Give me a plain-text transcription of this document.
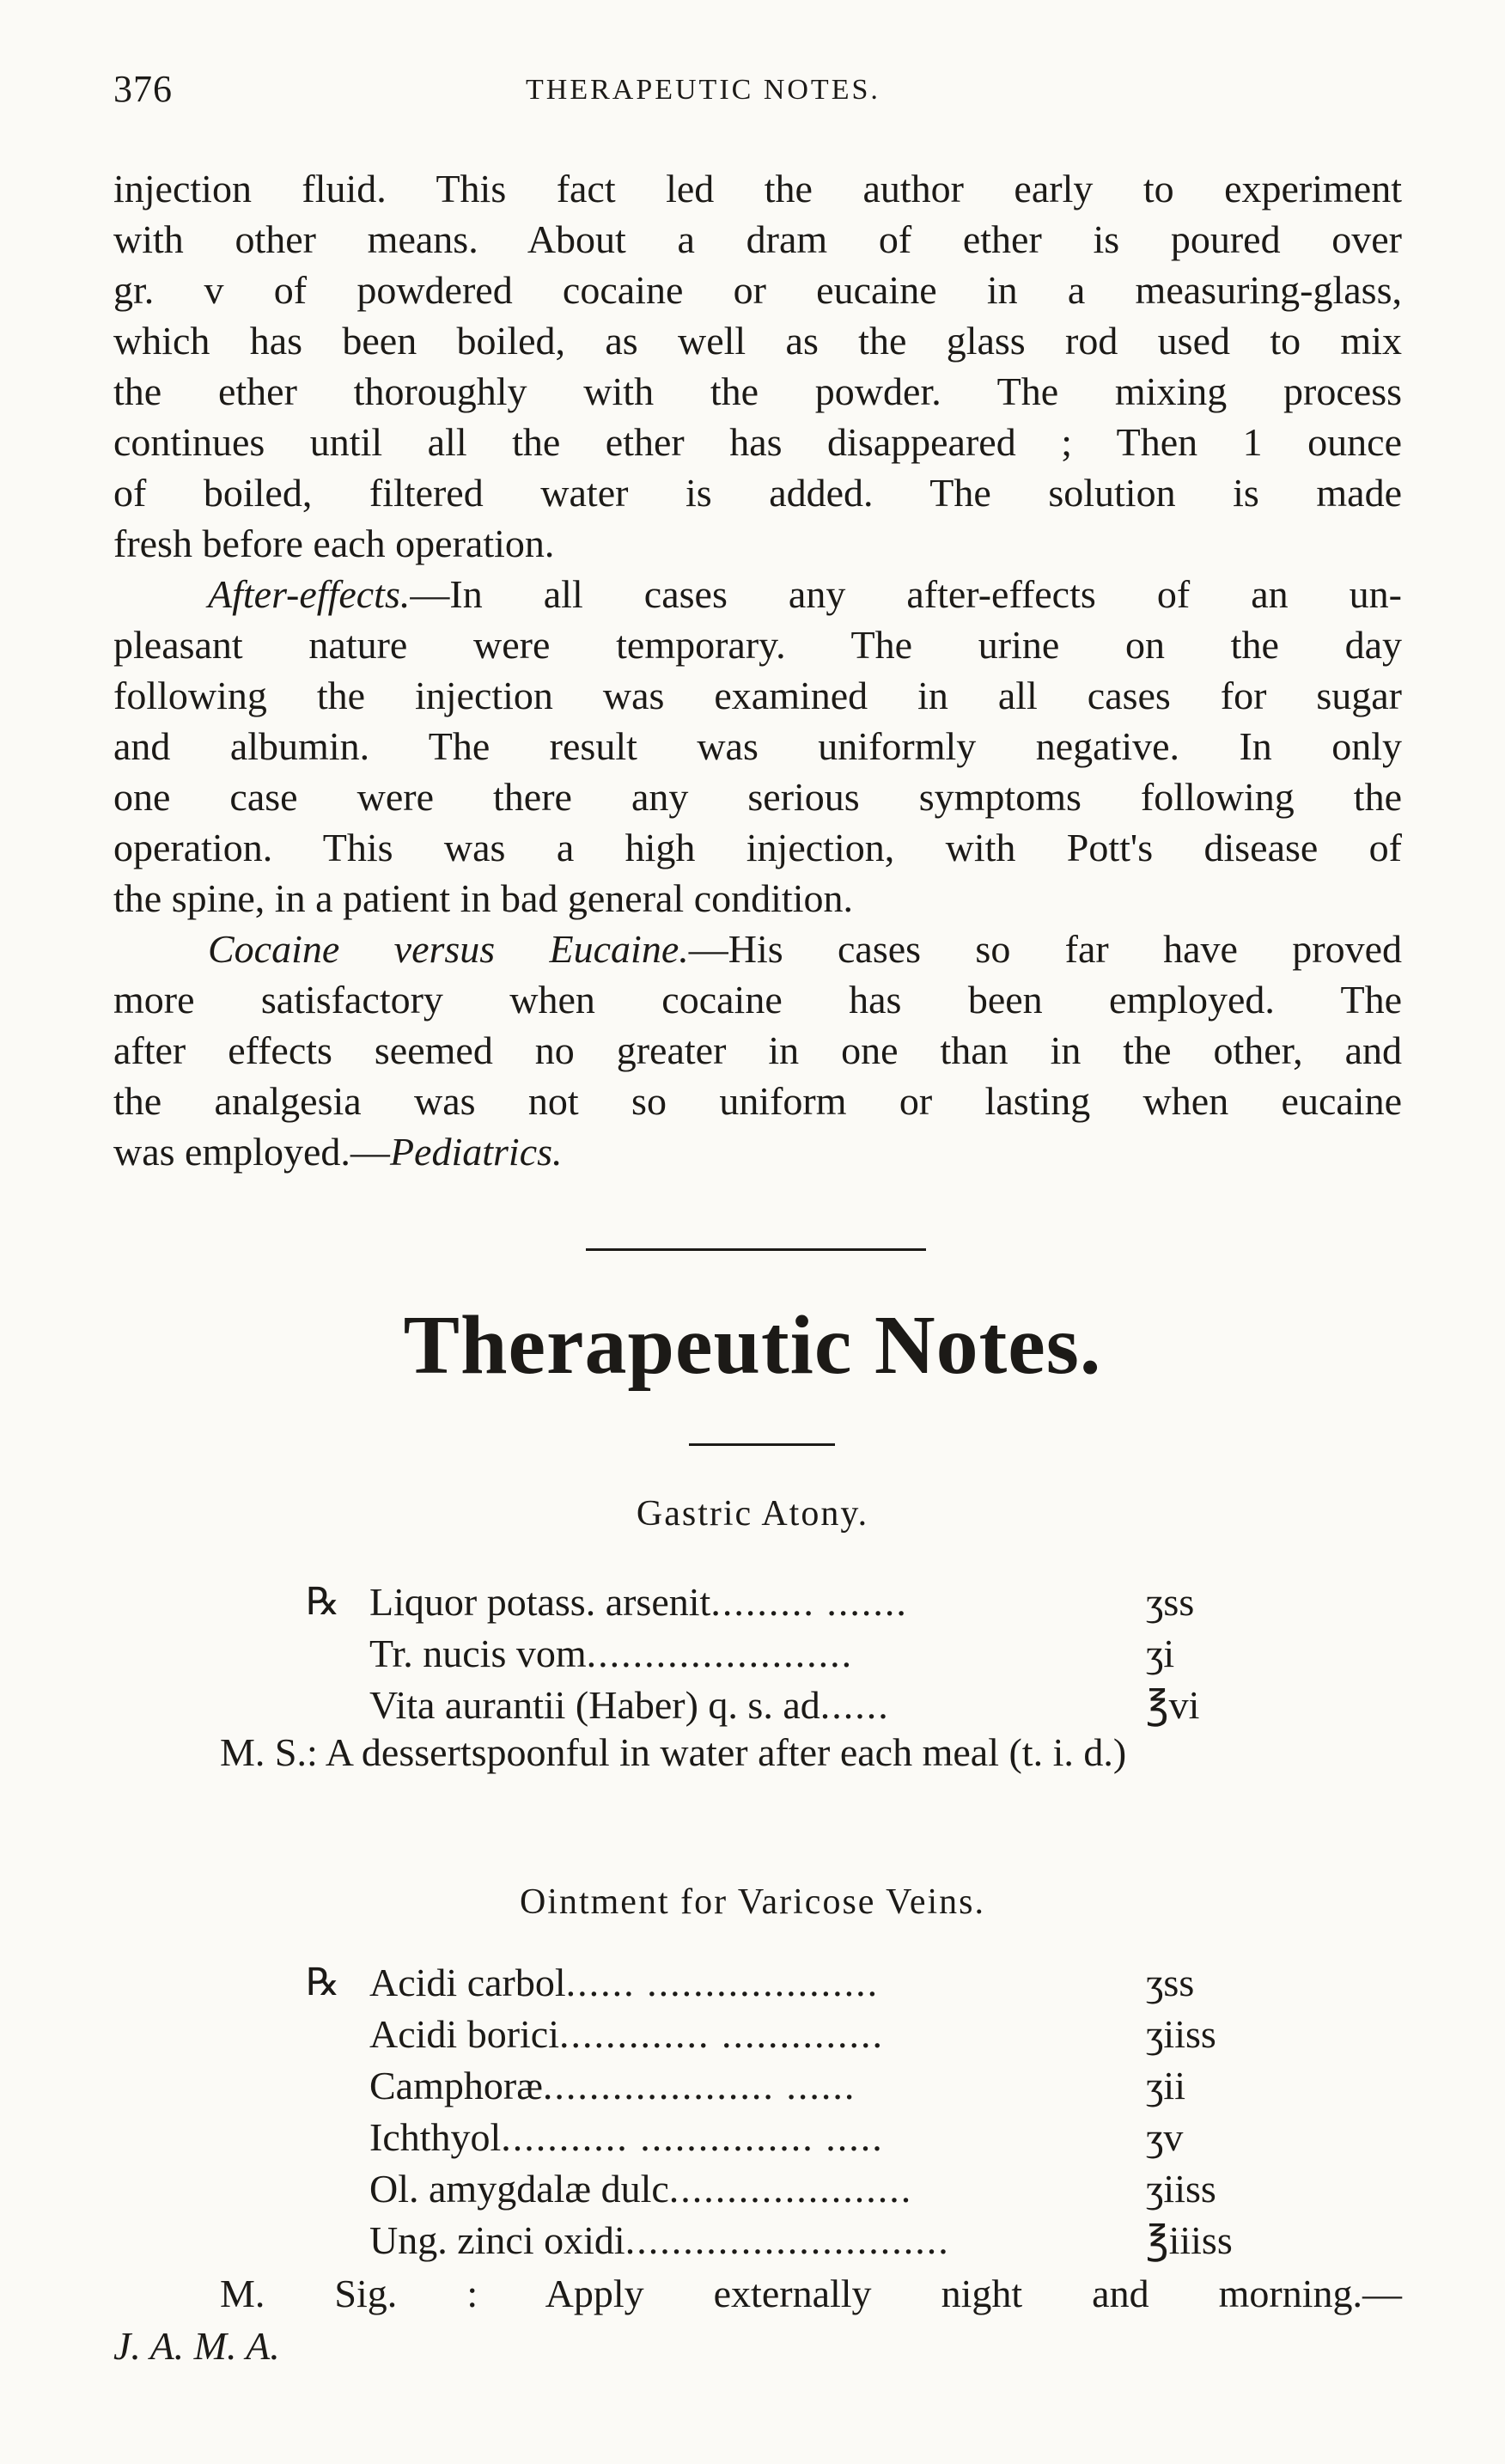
376	THERAPEUTIC NOTES.
injection fluid. This fact led the author early to experiment
with other means. About a dram of ether is poured over
gr. v of powdered cocaine or eucaine in a measuring-glass,
which has been boiled, as well as the glass rod used to mix
the ether thoroughly with the powder. The mixing process
continues until all the ether has disappeared ; Then 1 ounce
of boiled, filtered water is added. The solution is made
fresh before each operation.
After-effects.—In all cases any after-effects of an un-
pleasant nature were temporary. The urine on the day
following the injection was examined in all cases for sugar
and albumin. The result was uniformly negative. In only
one case were there any serious symptoms following the
operation. This was a high injection, with Pott's disease of
the spine, in a patient in bad general condition.
Cocaine versus Eucaine.—His cases so far have proved
more satisfactory when cocaine has been employed. The
after effects seemed no greater in one than in the other, and
the analgesia was not so uniform or lasting when eucaine
was employed.—Pediatrics.
Therapeutic Notes.
Gastric Atony.
℞ Liquor potass. arsenit......... .......	ʒss
Tr. nucis vom.......................	ʒi
Vita aurantii (Haber) q. s. ad......	℥vi
M. S.: A dessertspoonful in water after each meal (t. i. d.)
Ointment for Varicose Veins.
℞ Acidi carbol...... ....................	ʒss
Acidi borici............. ..............	ʒiiss
Camphoræ.................... ......	ʒii
Ichthyol........... ............... .....	ʒv
Ol. amygdalæ dulc.....................	ʒiiss
Ung. zinci oxidi............................	℥iiiss
M. Sig. : Apply externally night and morning.—
J. A. M. A.
